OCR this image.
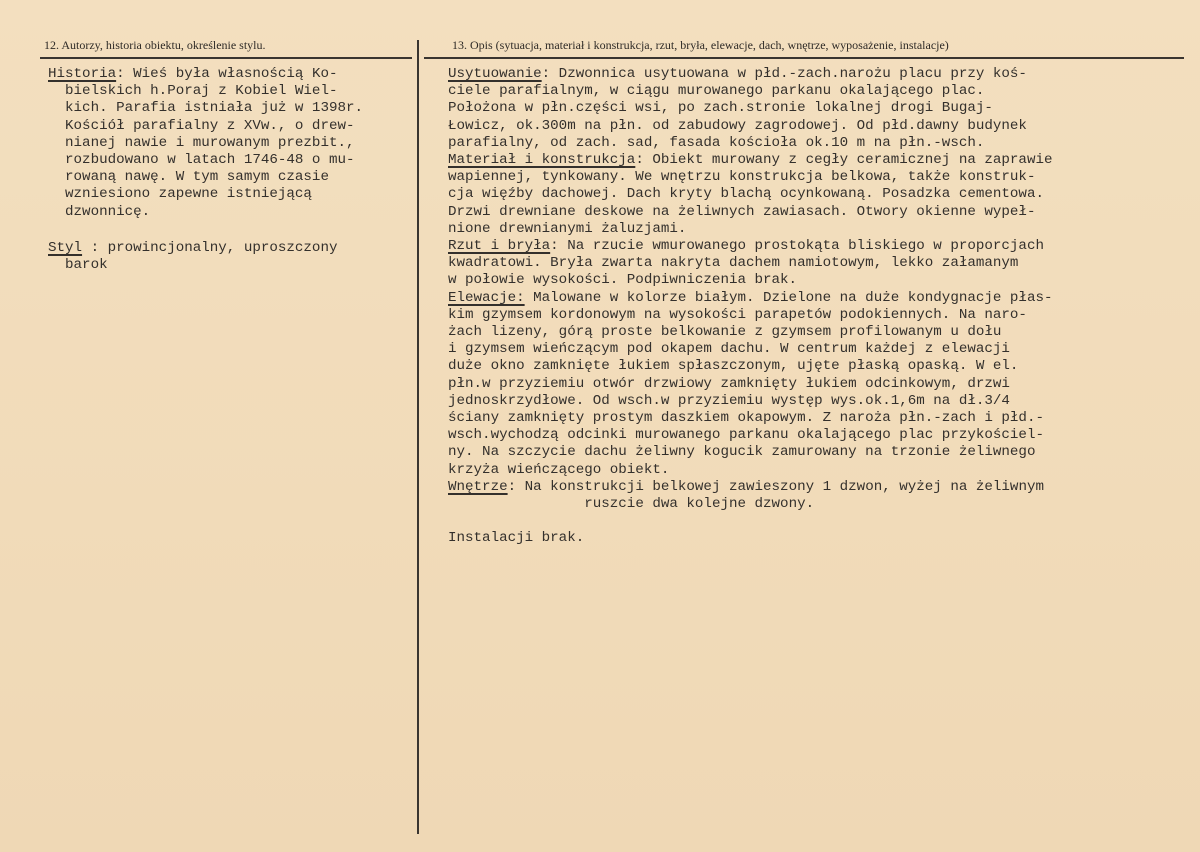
12. Autorzy, historia obiektu, określenie stylu.	13. Opis (sytuacja, materiał i konstrukcja, rzut, bryła, elewacje, dach, wnętrze, wyposażenie, instalacje)

Historia: Wieś była własnością Ko-

bielskich h.Poraj z Kobiel Wiel-

kich. Parafia istniała już w 1398r.

Kościół parafialny z XVw., o drew-

nianej nawie i murowanym prezbit.,

rozbudowano w latach 1746-48 o mu-

rowaną nawę. W tym samym czasie

wzniesiono zapewne istniejącą

dzwonnicę.

Styl : prowincjonalny, uproszczony

barok

Usytuowanie: Dzwonnica usytuowana w płd.-zach.narożu placu przy koś-

ciele parafialnym, w ciągu murowanego parkanu okalającego plac.

Położona w płn.części wsi, po zach.stronie lokalnej drogi Bugaj-

Łowicz, ok.300m na płn. od zabudowy zagrodowej. Od płd.dawny budynek

parafialny, od zach. sad, fasada kościoła ok.10 m na płn.-wsch.

Materiał i konstrukcja: Obiekt murowany z cegły ceramicznej na zaprawie

wapiennej, tynkowany. We wnętrzu konstrukcja belkowa, także konstruk-

cja więźby dachowej. Dach kryty blachą ocynkowaną. Posadzka cementowa.

Drzwi drewniane deskowe na żeliwnych zawiasach. Otwory okienne wypeł-

nione drewnianymi żaluzjami.

Rzut i bryła: Na rzucie wmurowanego prostokąta bliskiego w proporcjach

kwadratowi. Bryła zwarta nakryta dachem namiotowym, lekko załamanym

w połowie wysokości. Podpiwniczenia brak.

Elewacje: Malowane w kolorze białym. Dzielone na duże kondygnacje płas-

kim gzymsem kordonowym na wysokości parapetów podokiennych. Na naro-

żach lizeny, górą proste belkowanie z gzymsem profilowanym u dołu

i gzymsem wieńczącym pod okapem dachu. W centrum każdej z elewacji

duże okno zamknięte łukiem spłaszczonym, ujęte płaską opaską. W el.

płn.w przyziemiu otwór drzwiowy zamknięty łukiem odcinkowym, drzwi

jednoskrzydłowe. Od wsch.w przyziemiu występ wys.ok.1,6m na dł.3/4

ściany zamknięty prostym daszkiem okapowym. Z naroża płn.-zach i płd.-

wsch.wychodzą odcinki murowanego parkanu okalającego plac przykościel-

ny. Na szczycie dachu żeliwny kogucik zamurowany na trzonie żeliwnego

krzyża wieńczącego obiekt.

Wnętrze: Na konstrukcji belkowej zawieszony 1 dzwon, wyżej na żeliwnym

ruszcie dwa kolejne dzwony.

Instalacji brak.
